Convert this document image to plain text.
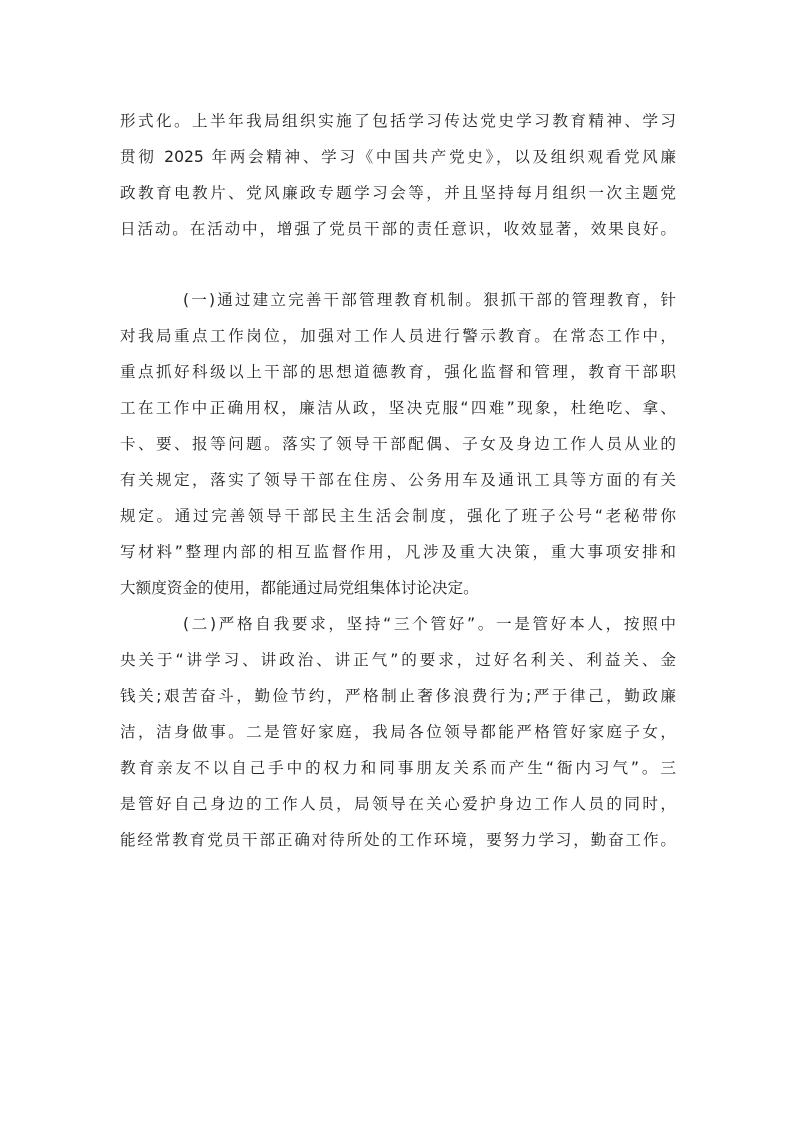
形式化。上半年我局组织实施了包括学习传达党史学习教育精神、学习
贯彻 2025 年两会精神、学习《中国共产党史》，以及组织观看党风廉
政教育电教片、党风廉政专题学习会等，并且坚持每月组织一次主题党
日活动。在活动中，增强了党员干部的责任意识，收效显著，效果良好。
(一)通过建立完善干部管理教育机制。狠抓干部的管理教育，针
对我局重点工作岗位，加强对工作人员进行警示教育。在常态工作中，
重点抓好科级以上干部的思想道德教育，强化监督和管理，教育干部职
工在工作中正确用权，廉洁从政，坚决克服“四难”现象，杜绝吃、拿、
卡、要、报等问题。落实了领导干部配偶、子女及身边工作人员从业的
有关规定，落实了领导干部在住房、公务用车及通讯工具等方面的有关
规定。通过完善领导干部民主生活会制度，强化了班子公号“老秘带你
写材料”整理内部的相互监督作用，凡涉及重大决策，重大事项安排和
大额度资金的使用，都能通过局党组集体讨论决定。
(二)严格自我要求，坚持“三个管好”。一是管好本人，按照中
央关于“讲学习、讲政治、讲正气”的要求，过好名利关、利益关、金
钱关;艰苦奋斗，勤俭节约，严格制止奢侈浪费行为;严于律己，勤政廉
洁，洁身做事。二是管好家庭，我局各位领导都能严格管好家庭子女，
教育亲友不以自己手中的权力和同事朋友关系而产生“衙内习气”。三
是管好自己身边的工作人员，局领导在关心爱护身边工作人员的同时，
能经常教育党员干部正确对待所处的工作环境，要努力学习，勤奋工作。
